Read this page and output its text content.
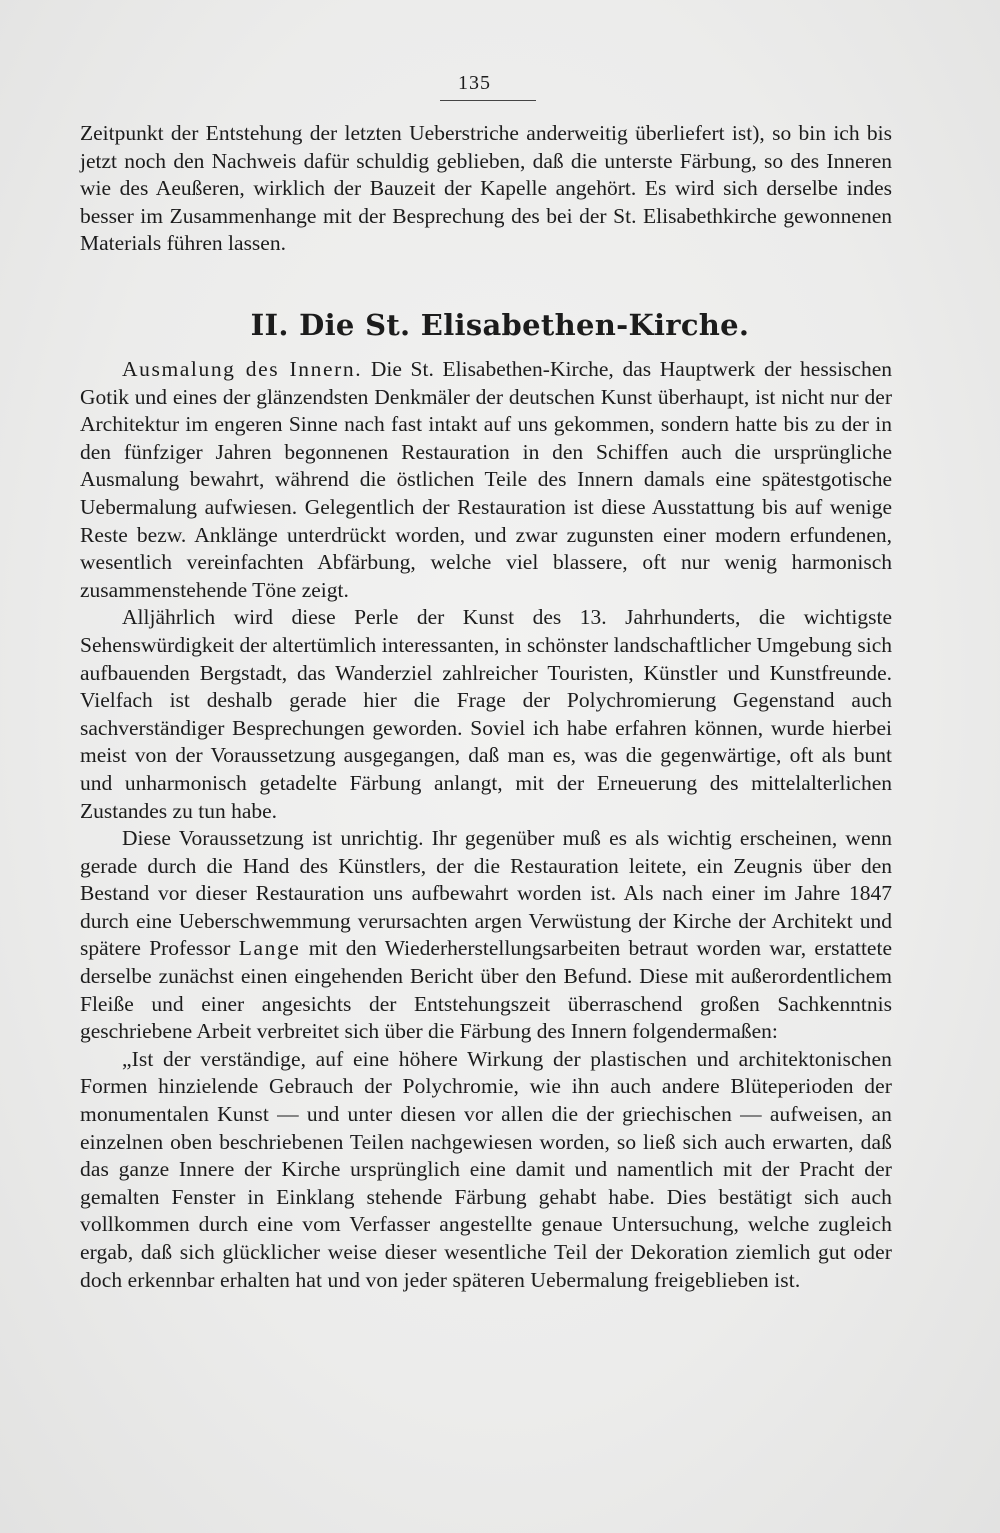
135

Zeitpunkt der Entstehung der letzten Ueberstriche anderweitig überliefert ist), so bin ich bis jetzt noch den Nachweis dafür schuldig geblieben, daß die unterste Färbung, so des Inneren wie des Aeußeren, wirklich der Bauzeit der Kapelle angehört. Es wird sich derselbe indes besser im Zusammenhange mit der Besprechung des bei der St. Elisabethkirche gewonnenen Materials führen lassen.

II. Die St. Elisabethen-Kirche.

Ausmalung des Innern. Die St. Elisabethen-Kirche, das Hauptwerk der hessischen Gotik und eines der glänzendsten Denkmäler der deutschen Kunst überhaupt, ist nicht nur der Architektur im engeren Sinne nach fast intakt auf uns gekommen, sondern hatte bis zu der in den fünfziger Jahren begonnenen Restauration in den Schiffen auch die ursprüngliche Ausmalung bewahrt, während die östlichen Teile des Innern damals eine spätestgotische Uebermalung aufwiesen. Gelegentlich der Restauration ist diese Ausstattung bis auf wenige Reste bezw. Anklänge unterdrückt worden, und zwar zugunsten einer modern erfundenen, wesentlich vereinfachten Abfärbung, welche viel blassere, oft nur wenig harmonisch zusammenstehende Töne zeigt.

Alljährlich wird diese Perle der Kunst des 13. Jahrhunderts, die wichtigste Sehenswürdigkeit der altertümlich interessanten, in schönster landschaftlicher Umgebung sich aufbauenden Bergstadt, das Wanderziel zahlreicher Touristen, Künstler und Kunstfreunde. Vielfach ist deshalb gerade hier die Frage der Polychromierung Gegenstand auch sachverständiger Besprechungen geworden. Soviel ich habe erfahren können, wurde hierbei meist von der Voraussetzung ausgegangen, daß man es, was die gegenwärtige, oft als bunt und unharmonisch getadelte Färbung anlangt, mit der Erneuerung des mittelalterlichen Zustandes zu tun habe.

Diese Voraussetzung ist unrichtig. Ihr gegenüber muß es als wichtig erscheinen, wenn gerade durch die Hand des Künstlers, der die Restauration leitete, ein Zeugnis über den Bestand vor dieser Restauration uns aufbewahrt worden ist. Als nach einer im Jahre 1847 durch eine Ueberschwemmung verursachten argen Verwüstung der Kirche der Architekt und spätere Professor Lange mit den Wiederherstellungsarbeiten betraut worden war, erstattete derselbe zunächst einen eingehenden Bericht über den Befund. Diese mit außerordentlichem Fleiße und einer angesichts der Entstehungszeit überraschend großen Sachkenntnis geschriebene Arbeit verbreitet sich über die Färbung des Innern folgendermaßen:

„Ist der verständige, auf eine höhere Wirkung der plastischen und architektonischen Formen hinzielende Gebrauch der Polychromie, wie ihn auch andere Blüteperioden der monumentalen Kunst — und unter diesen vor allen die der griechischen — aufweisen, an einzelnen oben beschriebenen Teilen nachgewiesen worden, so ließ sich auch erwarten, daß das ganze Innere der Kirche ursprünglich eine damit und namentlich mit der Pracht der gemalten Fenster in Einklang stehende Färbung gehabt habe. Dies bestätigt sich auch vollkommen durch eine vom Verfasser angestellte genaue Untersuchung, welche zugleich ergab, daß sich glücklicher weise dieser wesentliche Teil der Dekoration ziemlich gut oder doch erkennbar erhalten hat und von jeder späteren Uebermalung freigeblieben ist.
